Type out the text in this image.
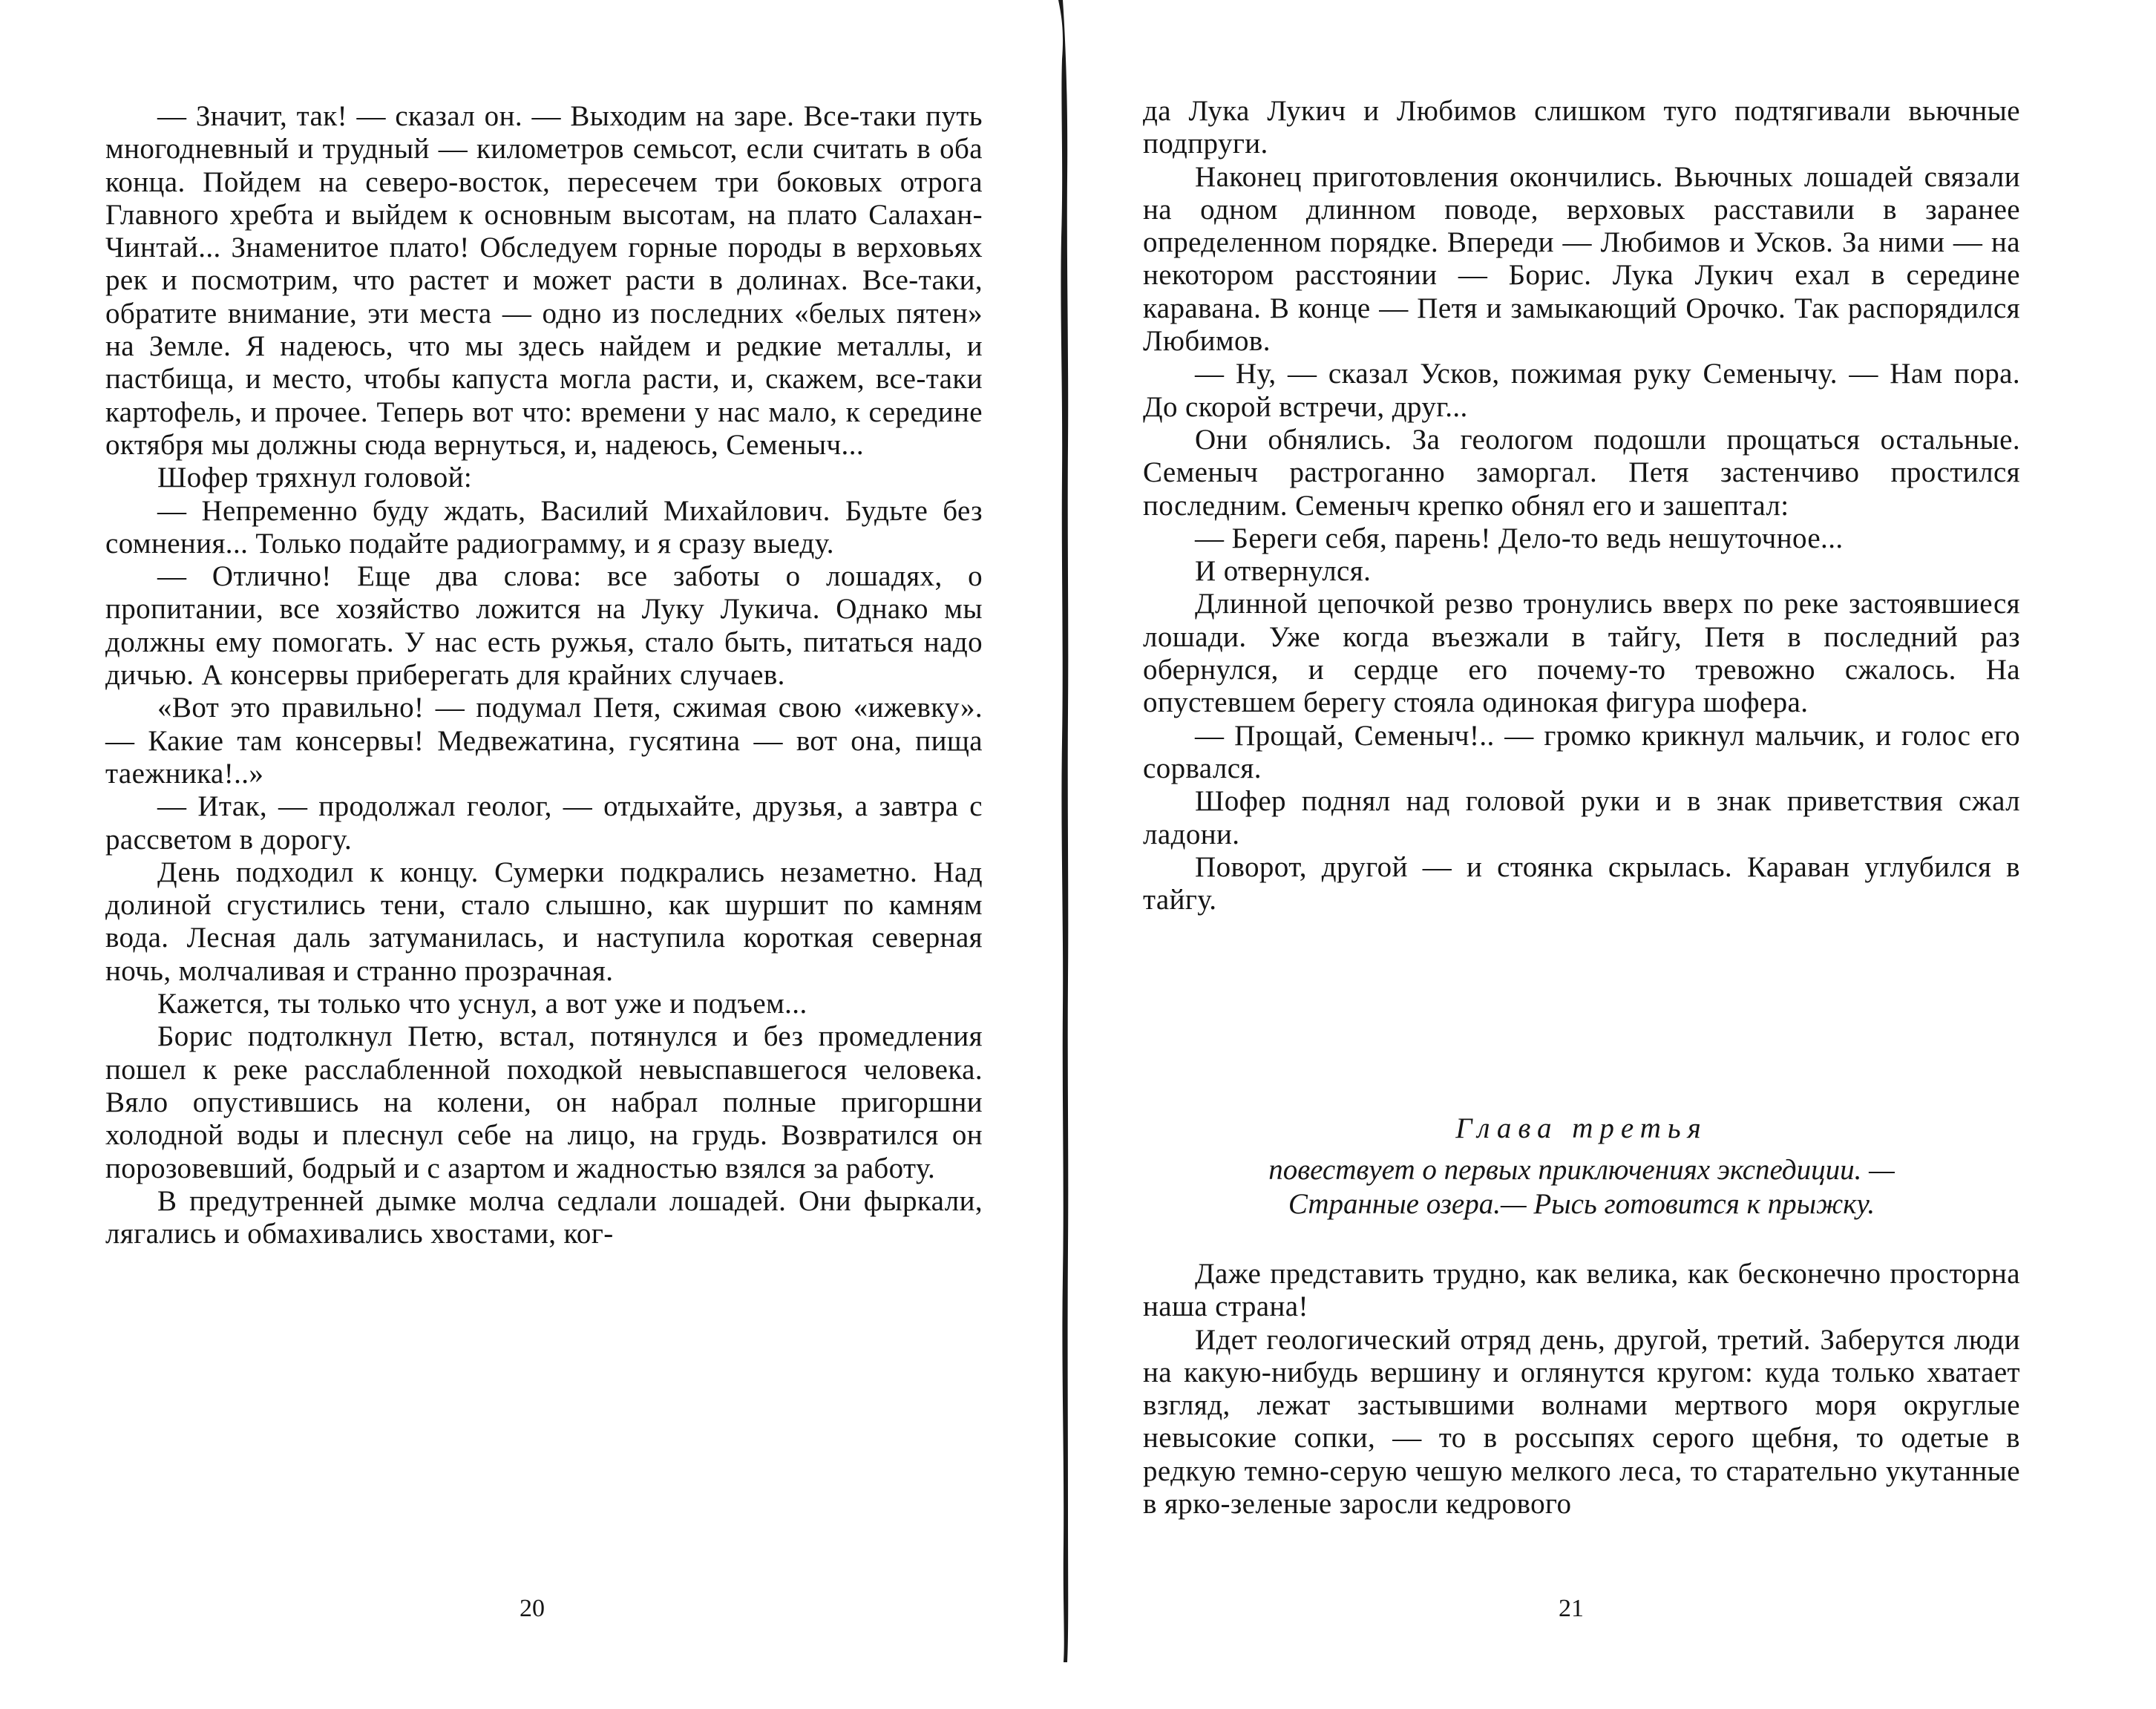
— Значит, так! — сказал он. — Выходим на заре. Все-таки путь многодневный и трудный — километров семьсот, если считать в оба конца. Пойдем на северо-восток, пересечем три боковых отрога Главного хребта и выйдем к основным высотам, на плато Салахан-Чинтай... Знаменитое плато! Обследуем горные породы в верховьях рек и посмотрим, что растет и может расти в долинах. Все-таки, обратите внимание, эти места — одно из последних «белых пятен» на Земле. Я надеюсь, что мы здесь найдем и редкие металлы, и пастбища, и место, чтобы капуста могла расти, и, скажем, все-таки картофель, и прочее. Теперь вот что: времени у нас мало, к середине октября мы должны сюда вернуться, и, надеюсь, Семеныч...

Шофер тряхнул головой:

— Непременно буду ждать, Василий Михайлович. Будьте без сомнения... Только подайте радиограмму, и я сразу выеду.

— Отлично! Еще два слова: все заботы о лошадях, о пропитании, все хозяйство ложится на Луку Лукича. Однако мы должны ему помогать. У нас есть ружья, стало быть, питаться надо дичью. А консервы приберегать для крайних случаев.

«Вот это правильно! — подумал Петя, сжимая свою «ижевку». — Какие там консервы! Медвежатина, гусятина — вот она, пища таежника!..»

— Итак, — продолжал геолог, — отдыхайте, друзья, а завтра с рассветом в дорогу.

День подходил к концу. Сумерки подкрались незаметно. Над долиной сгустились тени, стало слышно, как шуршит по камням вода. Лесная даль затуманилась, и наступила короткая северная ночь, молчаливая и странно прозрачная.

Кажется, ты только что уснул, а вот уже и подъем...

Борис подтолкнул Петю, встал, потянулся и без промедления пошел к реке расслабленной походкой невыспавшегося человека. Вяло опустившись на колени, он набрал полные пригоршни холодной воды и плеснул себе на лицо, на грудь. Возвратился он порозовевший, бодрый и с азартом и жадностью взялся за работу.

В предутренней дымке молча седлали лошадей. Они фыркали, лягались и обмахивались хвостами, ког-

20

да Лука Лукич и Любимов слишком туго подтягивали вьючные подпруги.

Наконец приготовления окончились. Вьючных лошадей связали на одном длинном поводе, верховых расставили в заранее определенном порядке. Впереди — Любимов и Усков. За ними — на некотором расстоянии — Борис. Лука Лукич ехал в середине каравана. В конце — Петя и замыкающий Орочко. Так распорядился Любимов.

— Ну, — сказал Усков, пожимая руку Семенычу. — Нам пора. До скорой встречи, друг...

Они обнялись. За геологом подошли прощаться остальные. Семеныч растроганно заморгал. Петя застенчиво простился последним. Семеныч крепко обнял его и зашептал:

— Береги себя, парень! Дело-то ведь нешуточное...

И отвернулся.

Длинной цепочкой резво тронулись вверх по реке застоявшиеся лошади. Уже когда въезжали в тайгу, Петя в последний раз обернулся, и сердце его почему-то тревожно сжалось. На опустевшем берегу стояла одинокая фигура шофера.

— Прощай, Семеныч!.. — громко крикнул мальчик, и голос его сорвался.

Шофер поднял над головой руки и в знак приветствия сжал ладони.

Поворот, другой — и стоянка скрылась. Караван углубился в тайгу.

Глава третья
повествует о первых приключениях экспедиции. —
Странные озера.— Рысь готовится к прыжку.

Даже представить трудно, как велика, как бесконечно просторна наша страна!

Идет геологический отряд день, другой, третий. Заберутся люди на какую-нибудь вершину и оглянутся кругом: куда только хватает взгляд, лежат застывшими волнами мертвого моря округлые невысокие сопки, — то в россыпях серого щебня, то одетые в редкую темно-серую чешую мелкого леса, то старательно укутанные в ярко-зеленые заросли кедрового

21
